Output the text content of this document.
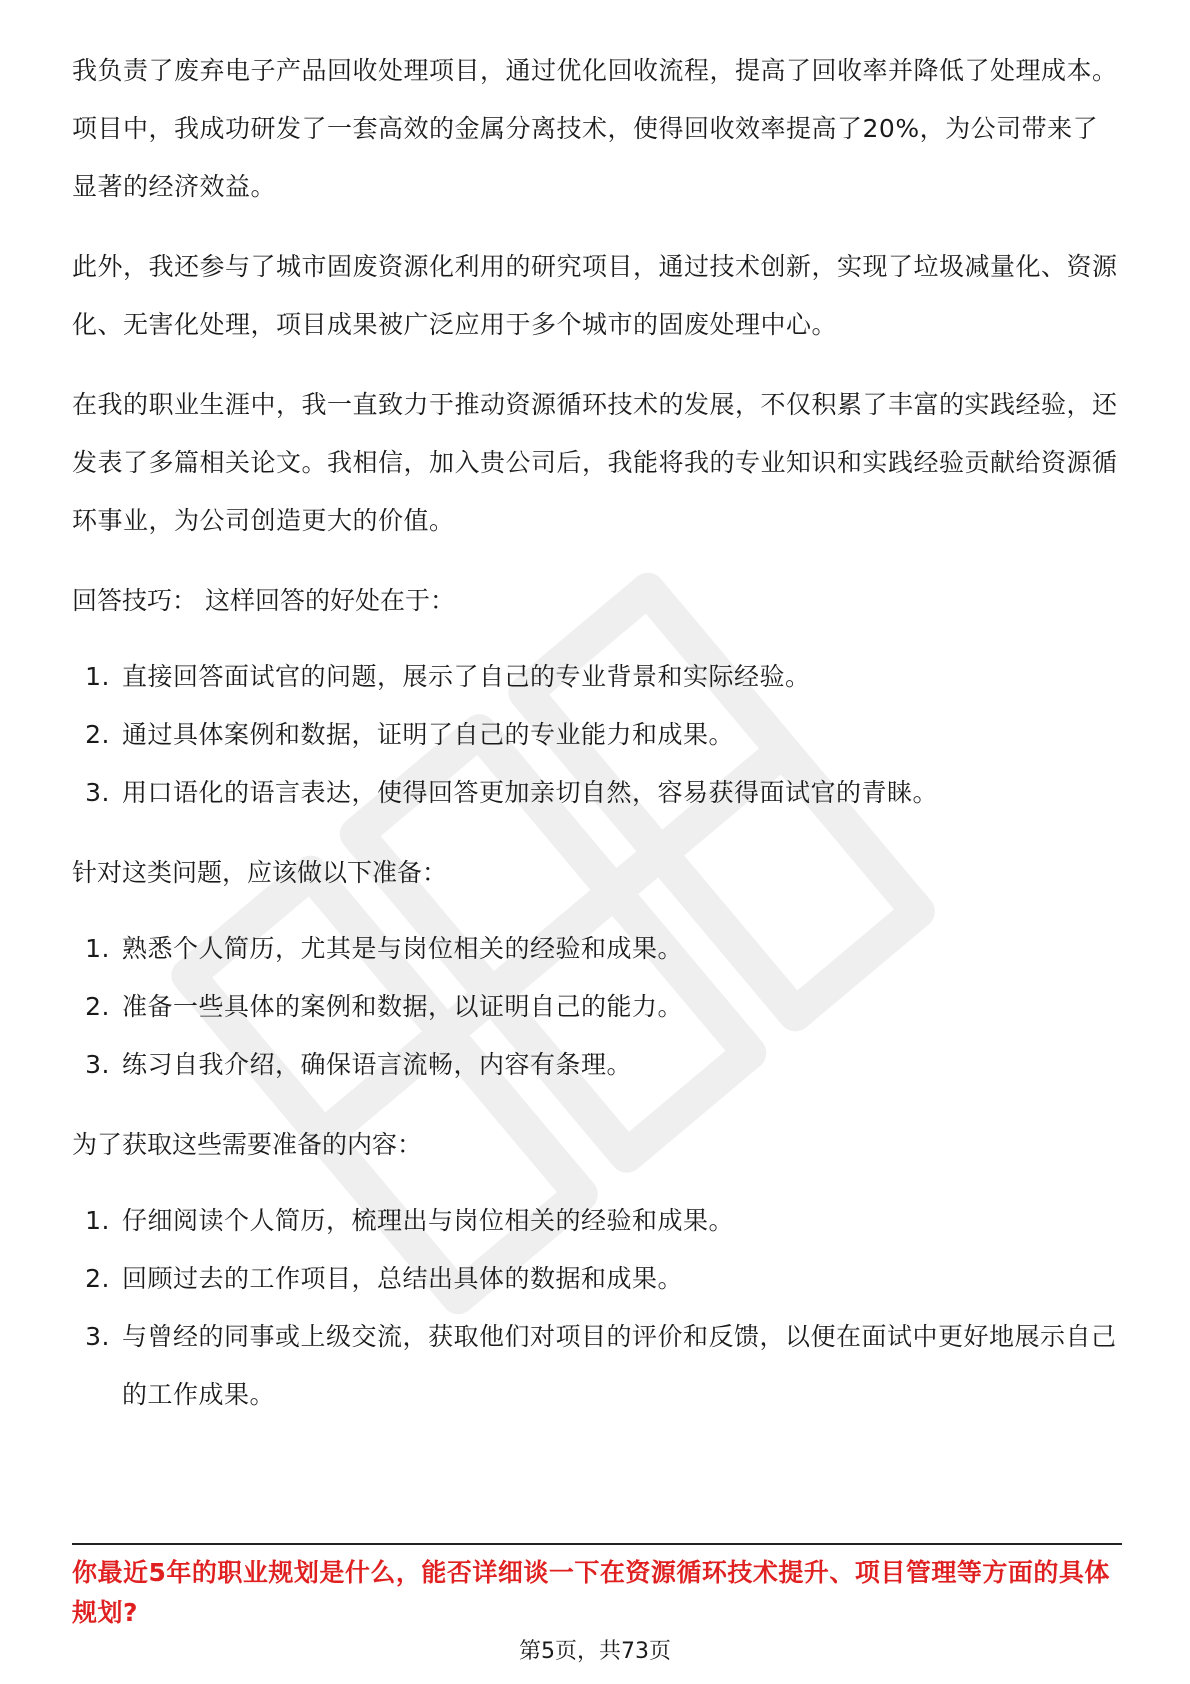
我负责了废弃电子产品回收处理项目，通过优化回收流程，提高了回收率并降低了处理成本。项目中，我成功研发了一套高效的金属分离技术，使得回收效率提高了20%，为公司带来了显著的经济效益。

此外，我还参与了城市固废资源化利用的研究项目，通过技术创新，实现了垃圾减量化、资源化、无害化处理，项目成果被广泛应用于多个城市的固废处理中心。

在我的职业生涯中，我一直致力于推动资源循环技术的发展，不仅积累了丰富的实践经验，还发表了多篇相关论文。我相信，加入贵公司后，我能将我的专业知识和实践经验贡献给资源循环事业，为公司创造更大的价值。

回答技巧： 这样回答的好处在于：
1. 直接回答面试官的问题，展示了自己的专业背景和实际经验。
2. 通过具体案例和数据，证明了自己的专业能力和成果。
3. 用口语化的语言表达，使得回答更加亲切自然，容易获得面试官的青睐。
针对这类问题，应该做以下准备：
1. 熟悉个人简历，尤其是与岗位相关的经验和成果。
2. 准备一些具体的案例和数据，以证明自己的能力。
3. 练习自我介绍，确保语言流畅，内容有条理。
为了获取这些需要准备的内容：
1. 仔细阅读个人简历，梳理出与岗位相关的经验和成果。
2. 回顾过去的工作项目，总结出具体的数据和成果。
3. 与曾经的同事或上级交流，获取他们对项目的评价和反馈，以便在面试中更好地展示自己的工作成果。
你最近5年的职业规划是什么，能否详细谈一下在资源循环技术提升、项目管理等方面的具体规划?
第5页，共73页
